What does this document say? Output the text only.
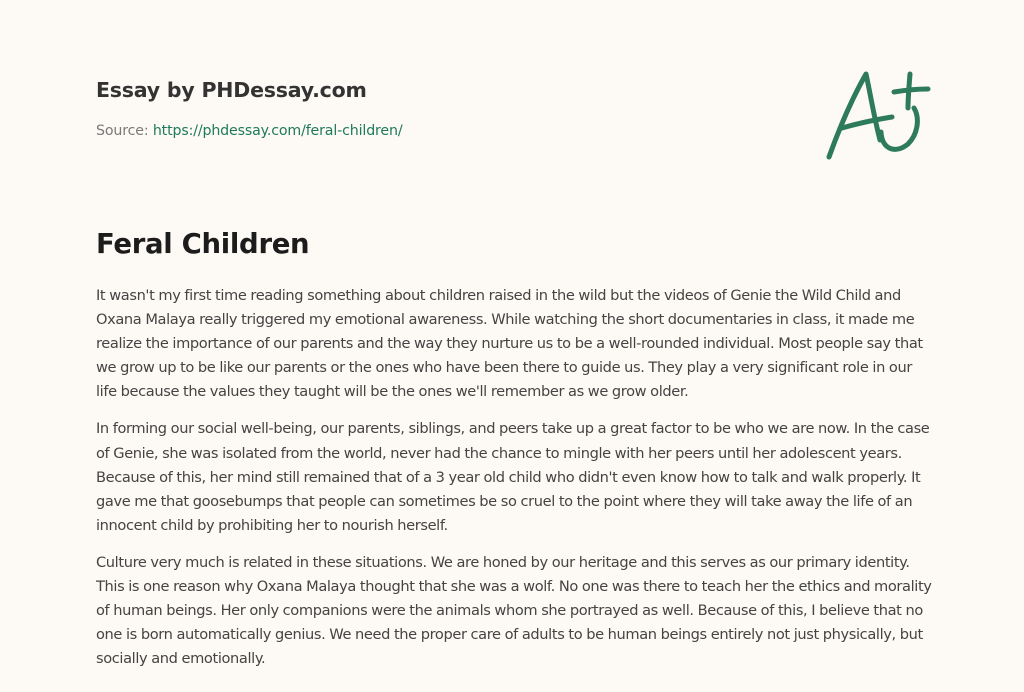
Essay by PHDessay.com
Source: https://phdessay.com/feral-children/
Feral Children

It wasn't my first time reading something about children raised in the wild but the videos of Genie the Wild Child and Oxana Malaya really triggered my emotional awareness. While watching the short documentaries in class, it made me realize the importance of our parents and the way they nurture us to be a well-rounded individual. Most people say that we grow up to be like our parents or the ones who have been there to guide us. They play a very significant role in our life because the values they taught will be the ones we'll remember as we grow older.

In forming our social well-being, our parents, siblings, and peers take up a great factor to be who we are now. In the case of Genie, she was isolated from the world, never had the chance to mingle with her peers until her adolescent years. Because of this, her mind still remained that of a 3 year old child who didn't even know how to talk and walk properly. It gave me that goosebumps that people can sometimes be so cruel to the point where they will take away the life of an innocent child by prohibiting her to nourish herself.

Culture very much is related in these situations. We are honed by our heritage and this serves as our primary identity. This is one reason why Oxana Malaya thought that she was a wolf. No one was there to teach her the ethics and morality of human beings. Her only companions were the animals whom she portrayed as well. Because of this, I believe that no one is born automatically genius. We need the proper care of adults to be human beings entirely not just physically, but socially and emotionally.
